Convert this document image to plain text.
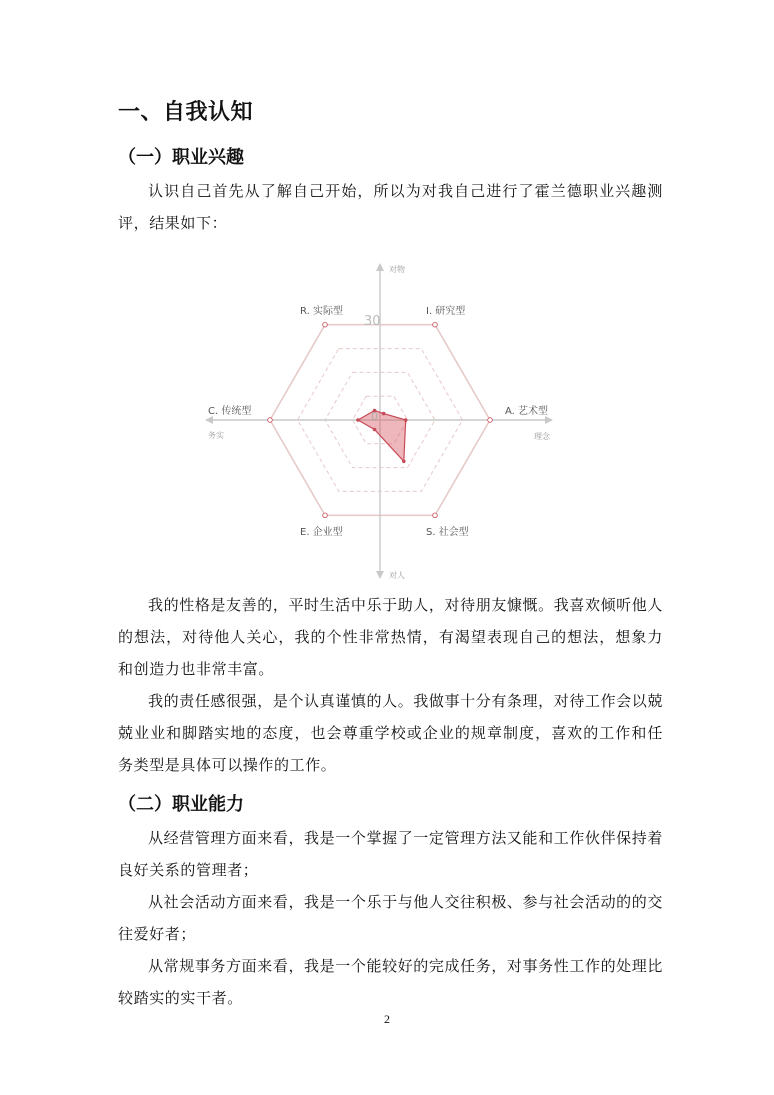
一、自我认知
（一）职业兴趣

认识自己首先从了解自己开始，所以为对我自己进行了霍兰德职业兴趣测评，结果如下：

R. 实际型	I. 研究型
A. 艺术型
S. 社会型
E. 企业型
C. 传统型
30
0
对物
对人
务实	理念

我的性格是友善的，平时生活中乐于助人，对待朋友慷慨。我喜欢倾听他人的想法，对待他人关心，我的个性非常热情，有渴望表现自己的想法，想象力和创造力也非常丰富。

我的责任感很强，是个认真谨慎的人。我做事十分有条理，对待工作会以兢兢业业和脚踏实地的态度，也会尊重学校或企业的规章制度，喜欢的工作和任务类型是具体可以操作的工作。

（二）职业能力

从经营管理方面来看，我是一个掌握了一定管理方法又能和工作伙伴保持着良好关系的管理者；

从社会活动方面来看，我是一个乐于与他人交往积极、参与社会活动的的交往爱好者；

从常规事务方面来看，我是一个能较好的完成任务，对事务性工作的处理比较踏实的实干者。

2
